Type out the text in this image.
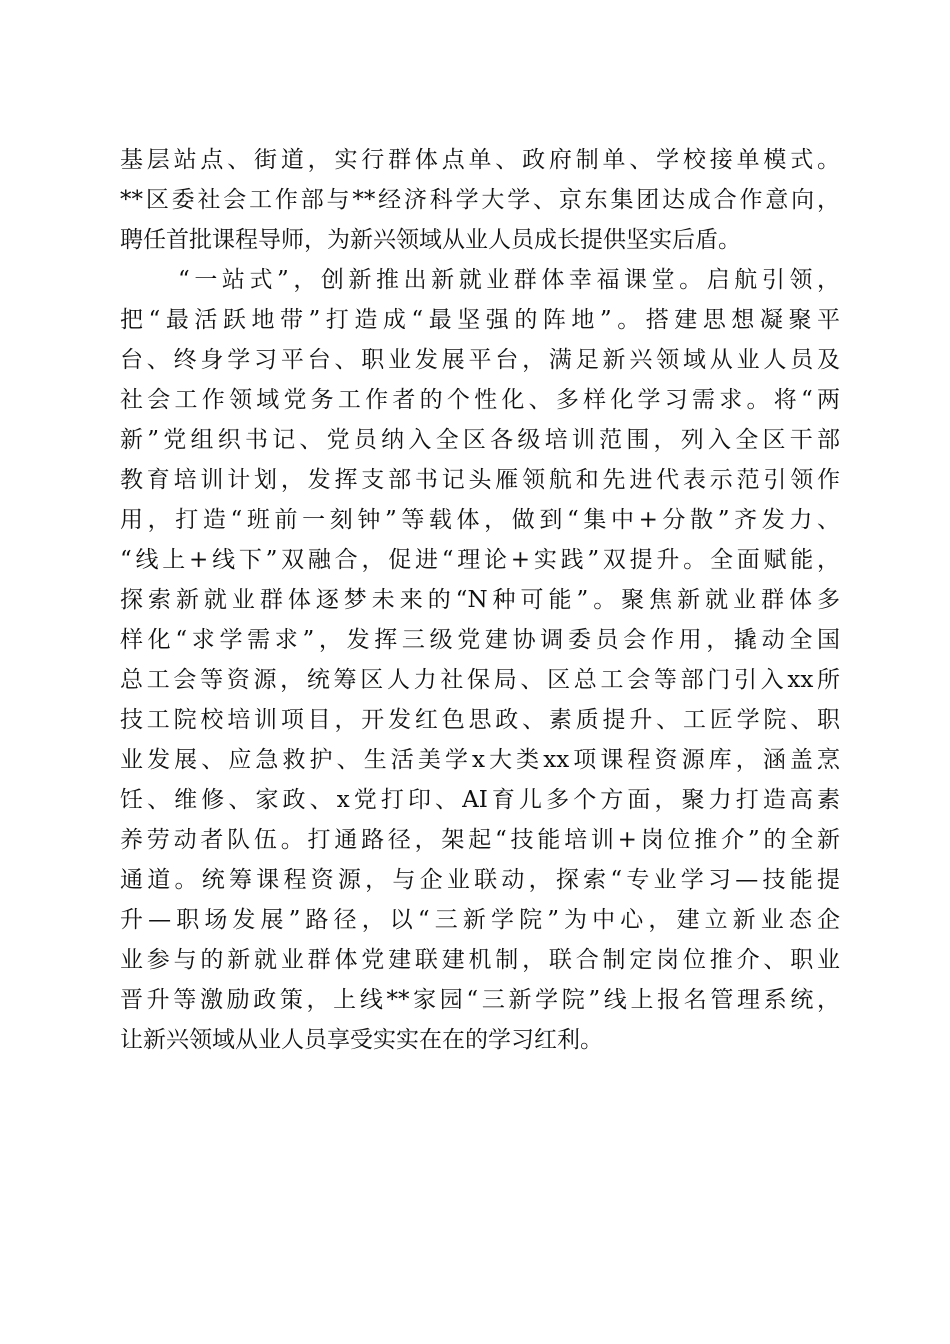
基层站点、街道，实行群体点单、政府制单、学校接单模式。
**区委社会工作部与**经济科学大学、京东集团达成合作意向，
聘任首批课程导师，为新兴领域从业人员成长提供坚实后盾。
“一站式”，创新推出新就业群体幸福课堂。启航引领，
把“最活跃地带”打造成“最坚强的阵地”。搭建思想凝聚平
台、终身学习平台、职业发展平台，满足新兴领域从业人员及
社会工作领域党务工作者的个性化、多样化学习需求。将“两
新”党组织书记、党员纳入全区各级培训范围，列入全区干部
教育培训计划，发挥支部书记头雁领航和先进代表示范引领作
用，打造“班前一刻钟”等载体，做到“集中+分散”齐发力、
“线上+线下”双融合，促进“理论+实践”双提升。全面赋能，
探索新就业群体逐梦未来的“N种可能”。聚焦新就业群体多
样化“求学需求”，发挥三级党建协调委员会作用，撬动全国
总工会等资源，统筹区人力社保局、区总工会等部门引入xx所
技工院校培训项目，开发红色思政、素质提升、工匠学院、职
业发展、应急救护、生活美学x大类xx项课程资源库，涵盖烹
饪、维修、家政、x党打印、AI育儿多个方面，聚力打造高素
养劳动者队伍。打通路径，架起“技能培训+岗位推介”的全新
通道。统筹课程资源，与企业联动，探索“专业学习—技能提
升—职场发展”路径，以“三新学院”为中心，建立新业态企
业参与的新就业群体党建联建机制，联合制定岗位推介、职业
晋升等激励政策，上线**家园“三新学院”线上报名管理系统，
让新兴领域从业人员享受实实在在的学习红利。
